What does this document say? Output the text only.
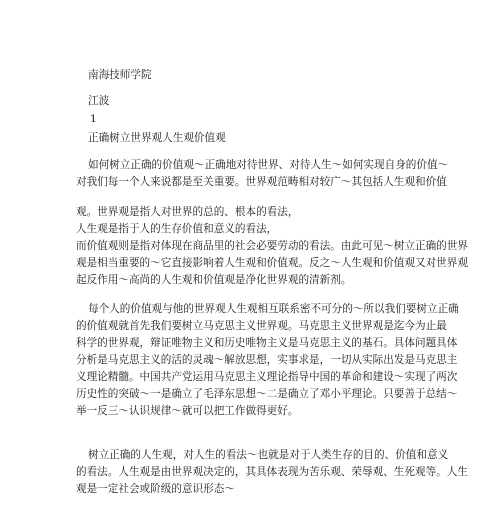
南海技师学院
江波
1
正确树立世界观人生观价值观
如何树立正确的价值观～正确地对待世界、对待人生～如何实现自身的价值～
对我们每一个人来说都是至关重要。世界观范畴相对较广～其包括人生观和价值
观。世界观是指人对世界的总的、根本的看法，
人生观是指于人的生存价值和意义的看法，
而价值观则是指对体现在商品里的社会必要劳动的看法。由此可见～树立正确的世界
观是相当重要的～它直接影响着人生观和价值观。反之～人生观和价值观又对世界观
起反作用～高尚的人生观和价值观是净化世界观的清新剂。
每个人的价值观与他的世界观人生观相互联系密不可分的～所以我们要树立正确
的价值观就首先我们要树立马克思主义世界观。马克思主义世界观是迄今为止最
科学的世界观，辩证唯物主义和历史唯物主义是马克思主义的基石。具体问题具体
分析是马克思主义的活的灵魂～解放思想，实事求是，一切从实际出发是马克思主
义理论精髓。中国共产党运用马克思主义理论指导中国的革命和建设～实现了两次
历史性的突破～一是确立了毛泽东思想～二是确立了邓小平理论。只要善于总结～
举一反三～认识规律～就可以把工作做得更好。
树立正确的人生观，对人生的看法～也就是对于人类生存的目的、价值和意义
的看法。人生观是由世界观决定的，其具体表现为苦乐观、荣辱观、生死观等。人生
观是一定社会或阶级的意识形态～
